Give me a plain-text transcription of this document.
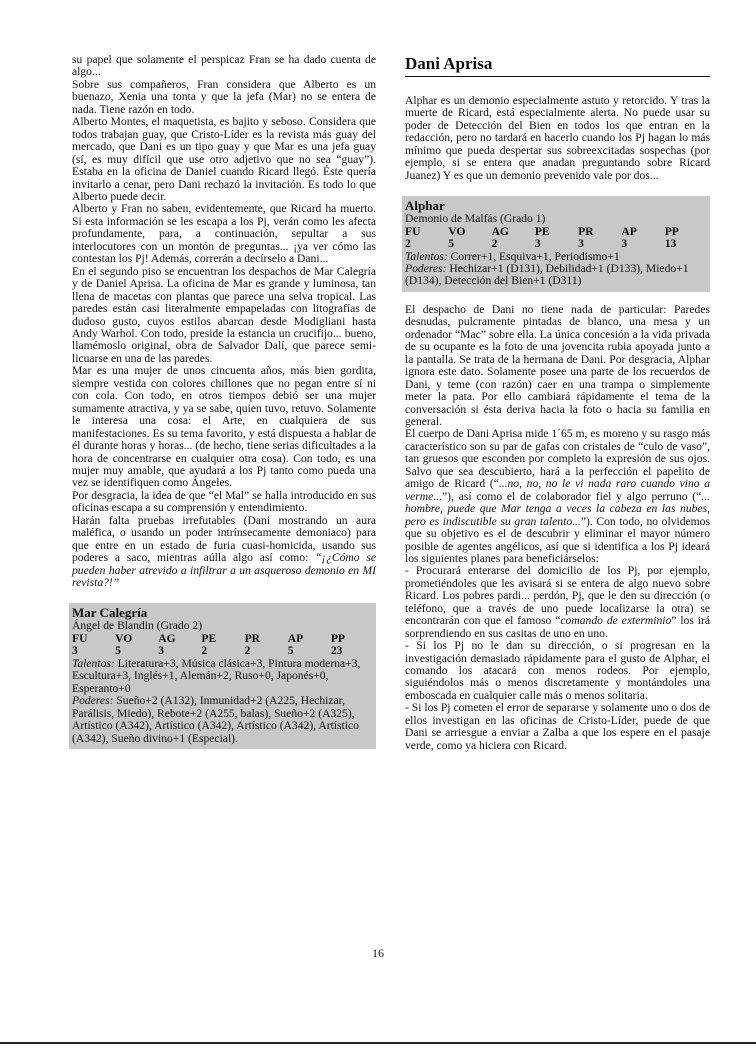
su papel que solamente el perspicaz Fran se ha dado cuenta de algo...

Sobre sus compañeros, Fran considera que Alberto es un buenazo, Xenia una tonta y que la jefa (Mar) no se entera de nada. Tiene razón en todo.

Alberto Montes, el maquetista, es bajito y seboso. Considera que todos trabajan guay, que Cristo-Líder es la revista más guay del mercado, que Dani es un tipo guay y que Mar es una jefa guay (sí, es muy difícil que use otro adjetivo que no sea “guay”). Estaba en la oficina de Daniel cuando Ricard llegó. Éste quería invitarlo a cenar, pero Dani rechazó la invitación. Es todo lo que Alberto puede decir.

Alberto y Fran no saben, evidentemente, que Ricard ha muerto. Si esta información se les escapa a los Pj, verán como les afecta profundamente, para, a continuación, sepultar a sus interlocutores con un montón de preguntas... ¡ya ver cómo las contestan los Pj! Además, correrán a decírselo a Dani...

En el segundo piso se encuentran los despachos de Mar Calegría y de Daniel Aprisa. La oficina de Mar es grande y luminosa, tan llena de macetas con plantas que parece una selva tropical. Las paredes están casi literalmente empapeladas con litografías de dudoso gusto, cuyos estilos abarcan desde Modigliani hasta Andy Warhol. Con todo, preside la estancia un crucifijo... bueno, llamémoslo original, obra de Salvador Dalí, que parece semi-licuarse en una de las paredes.

Mar es una mujer de unos cincuenta años, más bien gordita, siempre vestida con colores chillones que no pegan entre sí ni con cola. Con todo, en otros tiempos debió ser una mujer sumamente atractiva, y ya se sabe, quien tuvo, retuvo. Solamente le interesa una cosa: el Arte, en cualquiera de sus manifestaciones. Es su tema favorito, y está dispuesta a hablar de él durante horas y horas... (de hecho, tiene serias dificultades a la hora de concentrarse en cualquier otra cosa). Con todo, es una mujer muy amable, que ayudará a los Pj tanto como pueda una vez se identifiquen como Ángeles.

Por desgracia, la idea de que “el Mal” se halla introducido en sus oficinas escapa a su comprensión y entendimiento.

Harán falta pruebas irrefutables (Dani mostrando un aura maléfica, o usando un poder intrínsecamente demoniaco) para que entre en un estado de furia cuasi-homicida, usando sus poderes a saco, mientras aúlla algo así como: “¡¿Cómo se pueden haber atrevido a infiltrar a un asqueroso demonio en MI revista?!”

Mar Calegría
Ángel de Blandin (Grado 2)
FU	VO	AG	PE	PR	AP	PP
3	5	3	2	2	5	23
Talentos: Literatura+3, Música clásica+3, Pintura moderna+3, Escultura+3, Inglés+1, Alemán+2, Ruso+0, Japonés+0, Esperanto+0
Poderes: Sueño+2 (A132), Inmunidad+2 (A225, Hechizar, Parálisis, Miedo), Rebote+2 (A255, balas), Sueño+2 (A325), Artístico (A342), Artístico (A342), Artístico (A342), Artístico (A342), Sueño divino+1 (Especial).
Dani Aprisa

Alphar es un demonio especialmente astuto y retorcido. Y tras la muerte de Ricard, está especialmente alerta. No puede usar su poder de Detección del Bien en todos los que entran en la redacción, pero no tardará en hacerlo cuando los Pj hagan lo más mínimo que pueda despertar sus sobreexcitadas sospechas (por ejemplo, si se entera que anadan preguntando sobre Ricard Juanez) Y es que un demonio prevenido vale por dos...

Alphar
Demonio de Malfás (Grado 1)
FU	VO	AG	PE	PR	AP	PP
2	5	2	3	3	3	13
Talentos: Correr+1, Esquiva+1, Periodismo+1
Poderes: Hechizar+1 (D131), Debilidad+1 (D133), Miedo+1 (D134), Detección del Bien+1 (D311)

El despacho de Dani no tiene nada de particular: Paredes desnudas, pulcramente pintadas de blanco, una mesa y un ordenador “Mac” sobre ella. La única concesión a la vida privada de su ocupante es la foto de una jovencita rubia apoyada junto a la pantalla. Se trata de la hermana de Dani. Por desgracia, Alphar ignora este dato. Solamente posee una parte de los recuerdos de Dani, y teme (con razón) caer en una trampa o simplemente meter la pata. Por ello cambiará rápidamente el tema de la conversación si ésta deriva hacia la foto o hacia su familia en general.

El cuerpo de Dani Aprisa mide 1´65 m, es moreno y su rasgo más característico son su par de gafas con cristales de “culo de vaso”, tan gruesos que esconden por completo la expresión de sus ojos. Salvo que sea descubierto, hará a la perfección el papelito de amigo de Ricard (“...no, no, no le vi nada raro cuando vino a verme...”), así como el de colaborador fiel y algo perruno (“... hombre, puede que Mar tenga a veces la cabeza en las nubes, pero es indiscutible su gran talento...”). Con todo, no olvidemos que su objetivo es el de descubrir y eliminar el mayor número posible de agentes angélicos, así que si identifica a los Pj ideará los siguientes planes para beneficiárselos:

- Procurará enterarse del domicilio de los Pj, por ejemplo, prometiéndoles que les avisará si se entera de algo nuevo sobre Ricard. Los pobres pardi... perdón, Pj, que le den su dirección (o teléfono, que a través de uno puede localizarse la otra) se encontrarán con que el famoso “comando de exterminio” los irá sorprendiendo en sus casitas de uno en uno.

- Si los Pj no le dan su dirección, o si progresan en la investigación demasiado rápidamente para el gusto de Alphar, el comando los atacará con menos rodeos. Por ejemplo, siguiéndolos más o menos discretamente y montándoles una emboscada en cualquier calle más o menos solitaria.

- Si los Pj cometen el error de separarse y solamente uno o dos de ellos investigan en las oficinas de Cristo-Líder, puede de que Dani se arriesgue a enviar a Zalba a que los espere en el pasaje verde, como ya hiciera con Ricard.

16
